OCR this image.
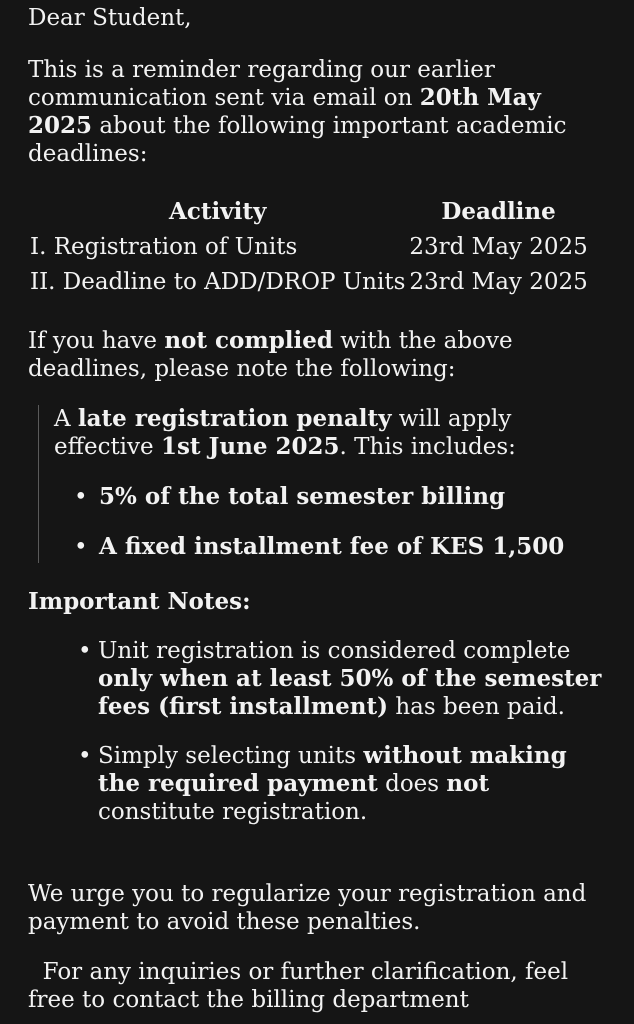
Dear Student,

This is a reminder regarding our earlier communication sent via email on 20th May 2025 about the following important academic deadlines:

Activity	Deadline
I. Registration of Units	23rd May 2025
II. Deadline to ADD/DROP Units	23rd May 2025

If you have not complied with the above deadlines, please note the following:

A late registration penalty will apply effective 1st June 2025. This includes:

• 5% of the total semester billing
• A fixed installment fee of KES 1,500

Important Notes:

• Unit registration is considered complete only when at least 50% of the semester fees (first installment) has been paid.
• Simply selecting units without making the required payment does not constitute registration.

We urge you to regularize your registration and payment to avoid these penalties.

For any inquiries or further clarification, feel free to contact the billing department
